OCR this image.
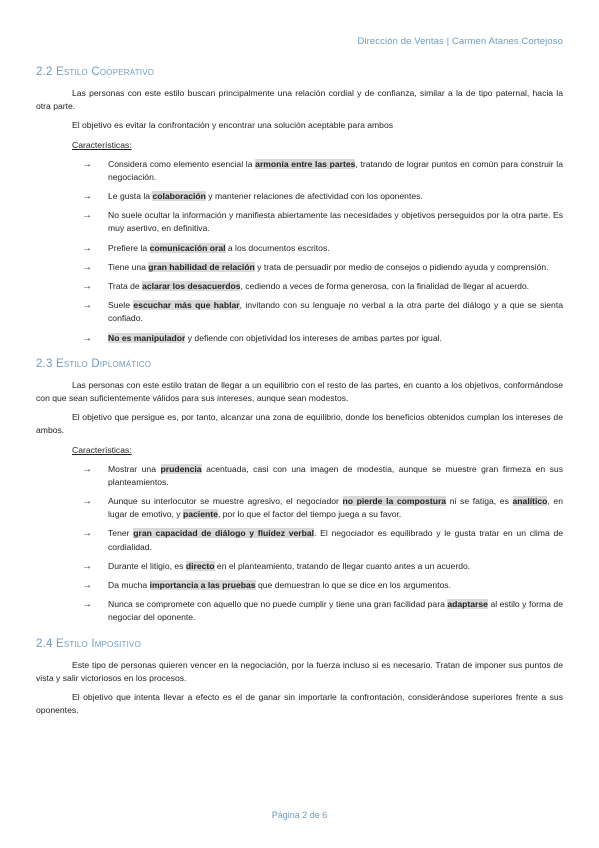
Dirección de Ventas | Carmen Atanes Cortejoso
2.2 Estilo Cooperativo

Las personas con este estilo buscan principalmente una relación cordial y de confianza, similar a la de tipo paternal, hacia la otra parte.

El objetivo es evitar la confrontación y encontrar una solución aceptable para ambos

Características:
→ Considera como elemento esencial la armonía entre las partes, tratando de lograr puntos en común para construir la negociación.
→ Le gusta la colaboración y mantener relaciones de afectividad con los oponentes.
→ No suele ocultar la información y manifiesta abiertamente las necesidades y objetivos perseguidos por la otra parte. Es muy asertivo, en definitiva.
→ Prefiere la comunicación oral a los documentos escritos.
→ Tiene una gran habilidad de relación y trata de persuadir por medio de consejos o pidiendo ayuda y comprensión.
→ Trata de aclarar los desacuerdos, cediendo a veces de forma generosa, con la finalidad de llegar al acuerdo.
→ Suele escuchar más que hablar, invitando con su lenguaje no verbal a la otra parte del diálogo y a que se sienta confiado.
→ No es manipulador y defiende con objetividad los intereses de ambas partes por igual.
2.3 Estilo Diplomático

Las personas con este estilo tratan de llegar a un equilibrio con el resto de las partes, en cuanto a los objetivos, conformándose con que sean suficientemente válidos para sus intereses, aunque sean modestos.

El objetivo que persigue es, por tanto, alcanzar una zona de equilibrio, donde los beneficios obtenidos cumplan los intereses de ambos.

Características:
→ Mostrar una prudencia acentuada, casi con una imagen de modestia, aunque se muestre gran firmeza en sus planteamientos.
→ Aunque su interlocutor se muestre agresivo, el negociador no pierde la compostura ni se fatiga, es analítico, en lugar de emotivo, y paciente, por lo que el factor del tiempo juega a su favor.
→ Tener gran capacidad de diálogo y fluidez verbal. El negociador es equilibrado y le gusta tratar en un clima de cordialidad.
→ Durante el litigio, es directo en el planteamiento, tratando de llegar cuanto antes a un acuerdo.
→ Da mucha importancia a las pruebas que demuestran lo que se dice en los argumentos.
→ Nunca se compromete con aquello que no puede cumplir y tiene una gran facilidad para adaptarse al estilo y forma de negociar del oponente.
2.4 Estilo Impositivo

Este tipo de personas quieren vencer en la negociación, por la fuerza incluso si es necesario. Tratan de imponer sus puntos de vista y salir victoriosos en los procesos.

El objetivo que intenta llevar a efecto es el de ganar sin importarle la confrontación, considerándose superiores frente a sus oponentes.

Página 2 de 6
